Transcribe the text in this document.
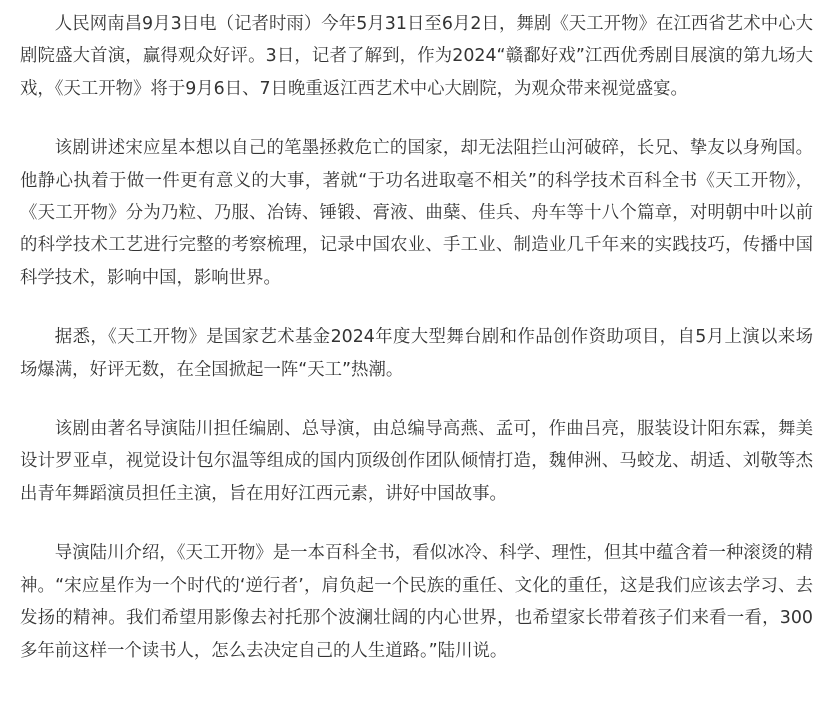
人民网南昌9月3日电（记者时雨）今年5月31日至6月2日，舞剧《天工开物》在江西省艺术中心大剧院盛大首演，赢得观众好评。3日，记者了解到，作为2024“赣鄱好戏”江西优秀剧目展演的第九场大戏，《天工开物》将于9月6日、7日晚重返江西艺术中心大剧院，为观众带来视觉盛宴。

该剧讲述宋应星本想以自己的笔墨拯救危亡的国家，却无法阻拦山河破碎，长兄、挚友以身殉国。他静心执着于做一件更有意义的大事，著就“于功名进取毫不相关”的科学技术百科全书《天工开物》，《天工开物》分为乃粒、乃服、冶铸、锤锻、膏液、曲蘖、佳兵、舟车等十八个篇章，对明朝中叶以前的科学技术工艺进行完整的考察梳理，记录中国农业、手工业、制造业几千年来的实践技巧，传播中国科学技术，影响中国，影响世界。

据悉，《天工开物》是国家艺术基金2024年度大型舞台剧和作品创作资助项目，自5月上演以来场场爆满，好评无数，在全国掀起一阵“天工”热潮。

该剧由著名导演陆川担任编剧、总导演，由总编导高燕、孟可，作曲吕亮，服装设计阳东霖，舞美设计罗亚卓，视觉设计包尔温等组成的国内顶级创作团队倾情打造，魏伸洲、马蛟龙、胡适、刘敬等杰出青年舞蹈演员担任主演，旨在用好江西元素，讲好中国故事。

导演陆川介绍，《天工开物》是一本百科全书，看似冰冷、科学、理性，但其中蕴含着一种滚烫的精神。“宋应星作为一个时代的‘逆行者’，肩负起一个民族的重任、文化的重任，这是我们应该去学习、去发扬的精神。我们希望用影像去衬托那个波澜壮阔的内心世界，也希望家长带着孩子们来看一看，300多年前这样一个读书人，怎么去决定自己的人生道路。”陆川说。
